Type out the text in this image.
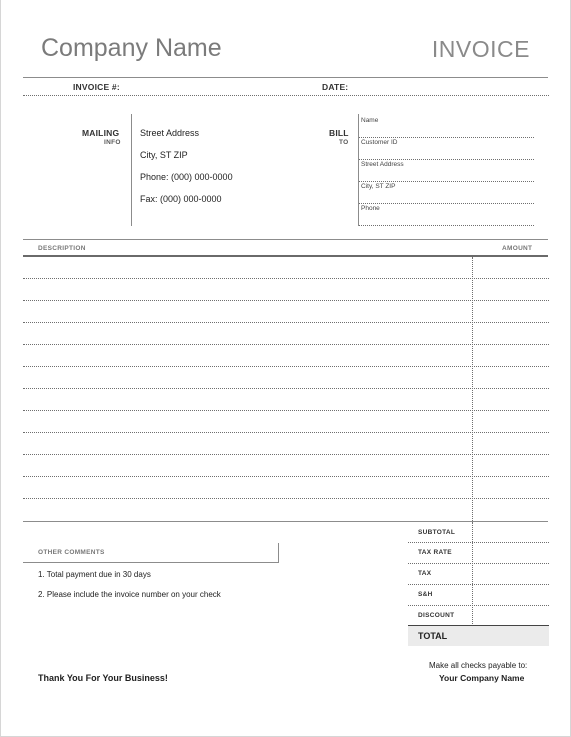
Company Name	INVOICE
INVOICE #:	DATE:
MAILING
INFO
Street Address
City, ST ZIP
Phone: (000) 000-0000
Fax: (000) 000-0000
BILL
TO
Name
Customer ID
Street Address
City, ST ZIP
Phone
DESCRIPTION	AMOUNT
SUBTOTAL
TAX RATE
TAX
S&H
DISCOUNT
TOTAL
OTHER COMMENTS
1. Total payment due in 30 days
2. Please include the invoice number on your check
Thank You For Your Business!
Make all checks payable to:
Your Company Name
